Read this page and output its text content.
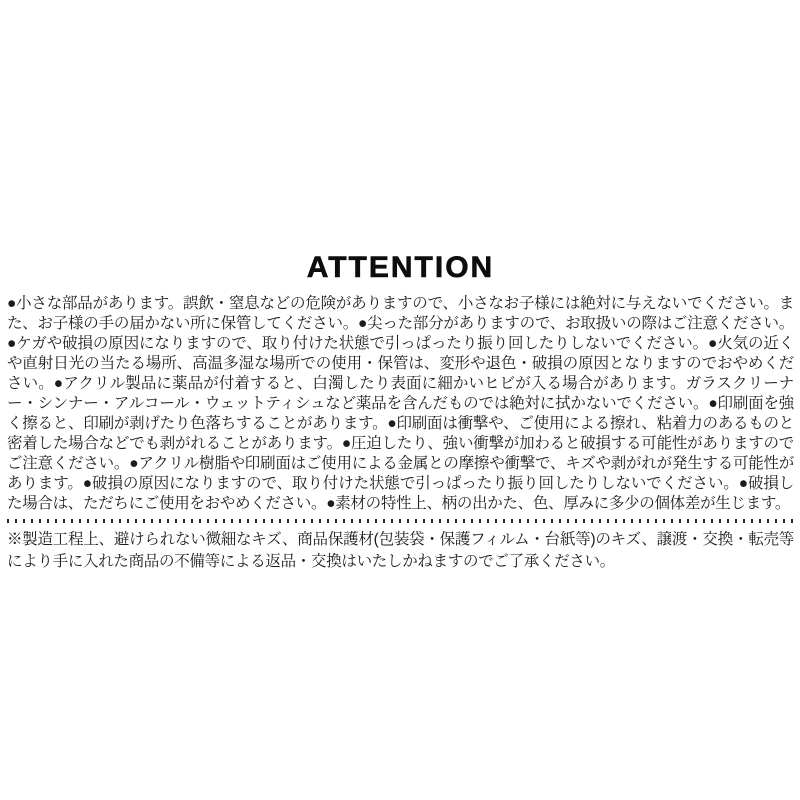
ATTENTION

●小さな部品があります。誤飲・窒息などの危険がありますので、小さなお子様には絶対に与えないでください。また、お子様の手の届かない所に保管してください。●尖った部分がありますので、お取扱いの際はご注意ください。●ケガや破損の原因になりますので、取り付けた状態で引っぱったり振り回したりしないでください。●火気の近くや直射日光の当たる場所、高温多湿な場所での使用・保管は、変形や退色・破損の原因となりますのでおやめください。●アクリル製品に薬品が付着すると、白濁したり表面に細かいヒビが入る場合があります。ガラスクリーナー・シンナー・アルコール・ウェットティシュなど薬品を含んだものでは絶対に拭かないでください。●印刷面を強く擦ると、印刷が剥げたり色落ちすることがあります。●印刷面は衝撃や、ご使用による擦れ、粘着力のあるものと密着した場合などでも剥がれることがあります。●圧迫したり、強い衝撃が加わると破損する可能性がありますのでご注意ください。●アクリル樹脂や印刷面はご使用による金属との摩擦や衝撃で、キズや剥がれが発生する可能性があります。●破損の原因になりますので、取り付けた状態で引っぱったり振り回したりしないでください。●破損した場合は、ただちにご使用をおやめください。●素材の特性上、柄の出かた、色、厚みに多少の個体差が生じます。

※製造工程上、避けられない微細なキズ、商品保護材(包装袋・保護フィルム・台紙等)のキズ、譲渡・交換・転売等により手に入れた商品の不備等による返品・交換はいたしかねますのでご了承ください。
